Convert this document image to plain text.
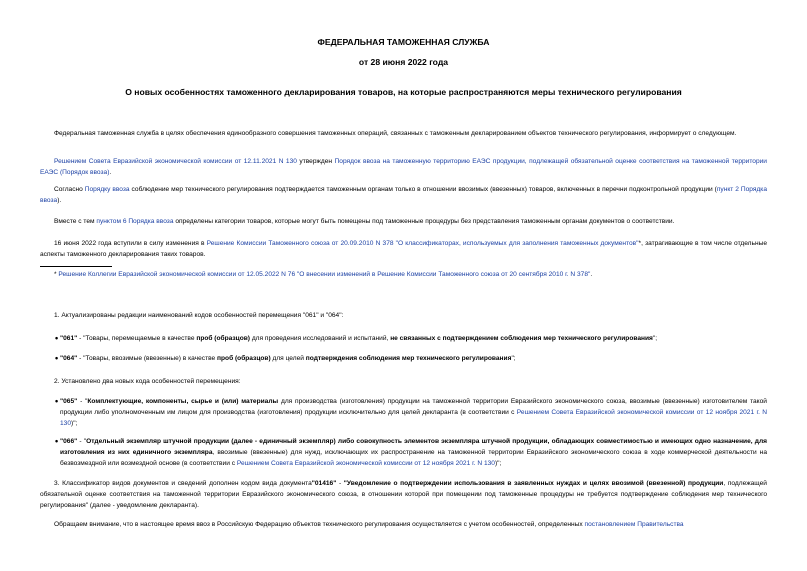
ФЕДЕРАЛЬНАЯ ТАМОЖЕННАЯ СЛУЖБА
от 28 июня 2022 года
О новых особенностях таможенного декларирования товаров, на которые распространяются меры технического регулирования

Федеральная таможенная служба в целях обеспечения единообразного совершения таможенных операций, связанных с таможенным декларированием объектов технического регулирования, информирует о следующем.

Решением Совета Евразийской экономической комиссии от 12.11.2021 N 130 утвержден Порядок ввоза на таможенную территорию ЕАЭС продукции, подлежащей обязательной оценке соответствия на таможенной территории ЕАЭС (Порядок ввоза).

Согласно Порядку ввоза соблюдение мер технического регулирования подтверждается таможенным органам только в отношении ввозимых (ввезенных) товаров, включенных в перечни подконтрольной продукции (пункт 2 Порядка ввоза).

Вместе с тем пунктом 6 Порядка ввоза определены категории товаров, которые могут быть помещены под таможенные процедуры без представления таможенным органам документов о соответствии.

16 июня 2022 года вступили в силу изменения в Решение Комиссии Таможенного союза от 20.09.2010 N 378 "О классификаторах, используемых для заполнения таможенных документов"*, затрагивающие в том числе отдельные аспекты таможенного декларирования таких товаров.

* Решение Коллегии Евразийской экономической комиссии от 12.05.2022 N 76 "О внесении изменений в Решение Комиссии Таможенного союза от 20 сентября 2010 г. N 378".

1. Актуализированы редакции наименований кодов особенностей перемещения "061" и "064":

• "061" - "Товары, перемещаемые в качестве проб (образцов) для проведения исследований и испытаний, не связанных с подтверждением соблюдения мер технического регулирования";

• "064" - "Товары, ввозимые (ввезенные) в качестве проб (образцов) для целей подтверждения соблюдения мер технического регулирования";

2. Установлено два новых кода особенностей перемещения:

• "065" - "Комплектующие, компоненты, сырье и (или) материалы для производства (изготовления) продукции на таможенной территории Евразийского экономического союза, ввозимые (ввезенные) изготовителем такой продукции либо уполномоченным им лицом для производства (изготовления) продукции исключительно для целей декларанта (в соответствии с Решением Совета Евразийской экономической комиссии от 12 ноября 2021 г. N 130)";

• "066" - "Отдельный экземпляр штучной продукции (далее - единичный экземпляр) либо совокупность элементов экземпляра штучной продукции, обладающих совместимостью и имеющих одно назначение, для изготовления из них единичного экземпляра, ввозимые (ввезенные) для нужд, исключающих их распространение на таможенной территории Евразийского экономического союза в ходе коммерческой деятельности на безвозмездной или возмездной основе (в соответствии с Решением Совета Евразийской экономической комиссии от 12 ноября 2021 г. N 130)";

3. Классификатор видов документов и сведений дополнен кодом вида документа"01416" - "Уведомление о подтверждении использования в заявленных нуждах и целях ввозимой (ввезенной) продукции, подлежащей обязательной оценке соответствия на таможенной территории Евразийского экономического союза, в отношении которой при помещении под таможенные процедуры не требуется подтверждение соблюдения мер технического регулирования" (далее - уведомление декларанта).

Обращаем внимание, что в настоящее время ввоз в Российскую Федерацию объектов технического регулирования осуществляется с учетом особенностей, определенных постановлением Правительства
